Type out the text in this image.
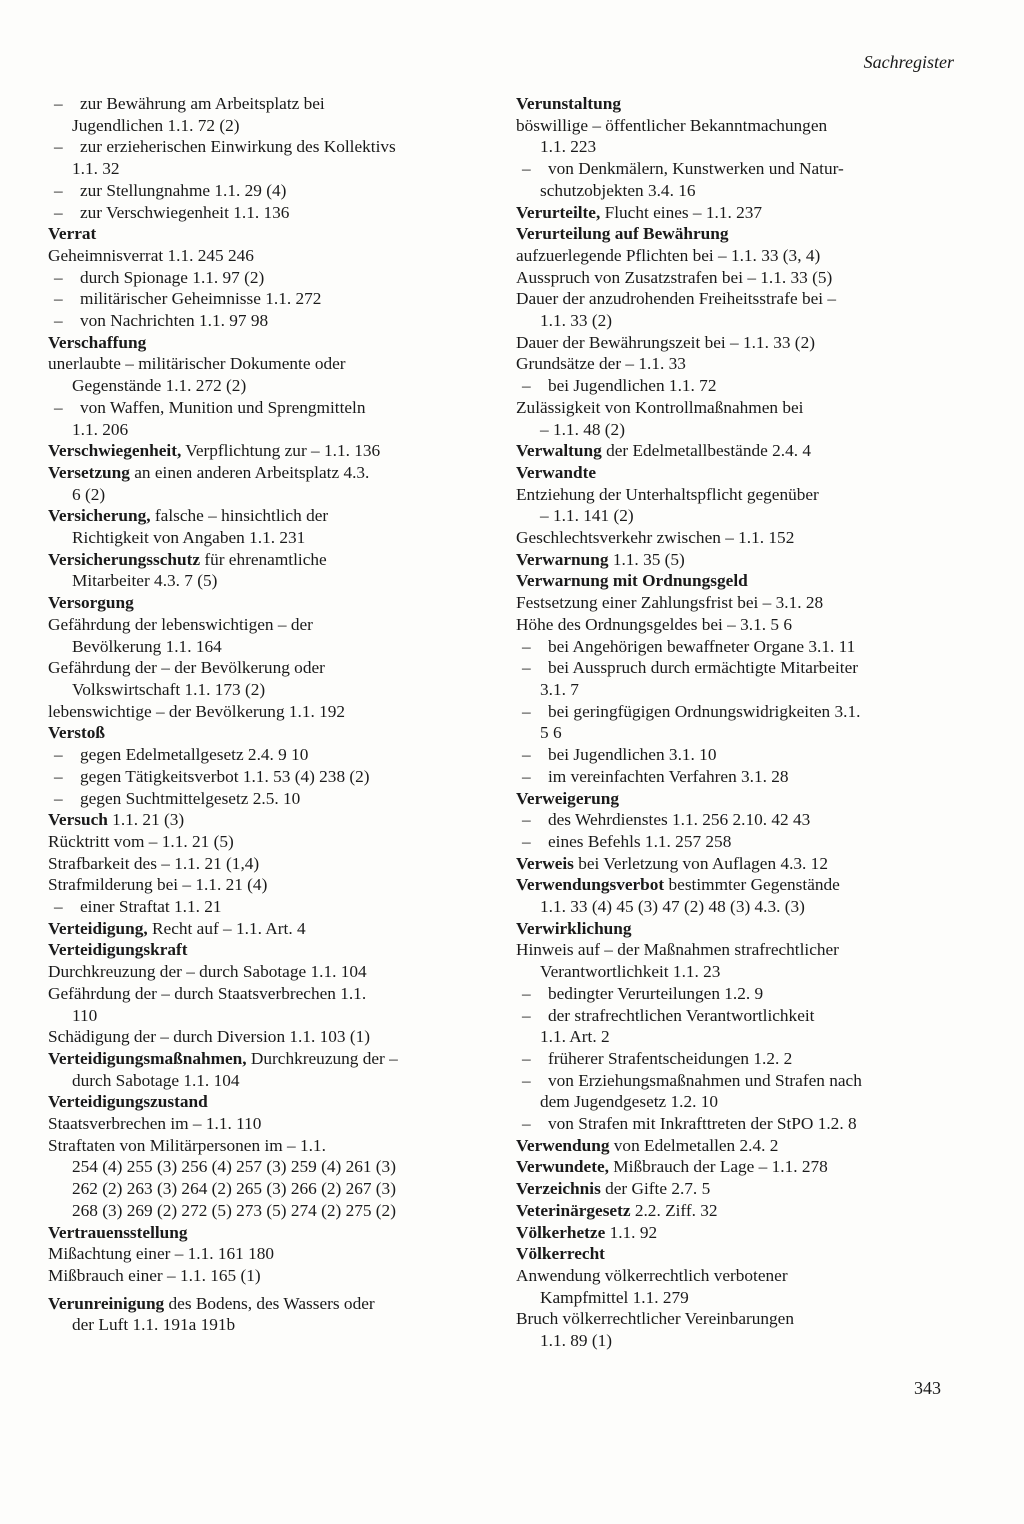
Sachregister
– zur Bewährung am Arbeitsplatz bei
Jugendlichen 1.1. 72 (2)
– zur erzieherischen Einwirkung des Kollektivs
1.1. 32
– zur Stellungnahme 1.1. 29 (4)
– zur Verschwiegenheit 1.1. 136
Verrat
Geheimnisverrat 1.1. 245 246
– durch Spionage 1.1. 97 (2)
– militärischer Geheimnisse 1.1. 272
– von Nachrichten 1.1. 97 98
Verschaffung
unerlaubte – militärischer Dokumente oder
Gegenstände 1.1. 272 (2)
– von Waffen, Munition und Sprengmitteln
1.1. 206
Verschwiegenheit, Verpflichtung zur – 1.1. 136
Versetzung an einen anderen Arbeitsplatz 4.3.
6 (2)
Versicherung, falsche – hinsichtlich der
Richtigkeit von Angaben 1.1. 231
Versicherungsschutz für ehrenamtliche
Mitarbeiter 4.3. 7 (5)
Versorgung
Gefährdung der lebenswichtigen – der
Bevölkerung 1.1. 164
Gefährdung der – der Bevölkerung oder
Volkswirtschaft 1.1. 173 (2)
lebenswichtige – der Bevölkerung 1.1. 192
Verstoß
– gegen Edelmetallgesetz 2.4. 9 10
– gegen Tätigkeitsverbot 1.1. 53 (4) 238 (2)
– gegen Suchtmittelgesetz 2.5. 10
Versuch 1.1. 21 (3)
Rücktritt vom – 1.1. 21 (5)
Strafbarkeit des – 1.1. 21 (1,4)
Strafmilderung bei – 1.1. 21 (4)
– einer Straftat 1.1. 21
Verteidigung, Recht auf – 1.1. Art. 4
Verteidigungskraft
Durchkreuzung der – durch Sabotage 1.1. 104
Gefährdung der – durch Staatsverbrechen 1.1.
110
Schädigung der – durch Diversion 1.1. 103 (1)
Verteidigungsmaßnahmen, Durchkreuzung der –
durch Sabotage 1.1. 104
Verteidigungszustand
Staatsverbrechen im – 1.1. 110
Straftaten von Militärpersonen im – 1.1.
254 (4) 255 (3) 256 (4) 257 (3) 259 (4) 261 (3)
262 (2) 263 (3) 264 (2) 265 (3) 266 (2) 267 (3)
268 (3) 269 (2) 272 (5) 273 (5) 274 (2) 275 (2)
Vertrauensstellung
Mißachtung einer – 1.1. 161 180
Mißbrauch einer – 1.1. 165 (1)
Verunreinigung des Bodens, des Wassers oder
der Luft 1.1. 191a 191b
Verunstaltung
böswillige – öffentlicher Bekanntmachungen
1.1. 223
– von Denkmälern, Kunstwerken und Natur-
schutzobjekten 3.4. 16
Verurteilte, Flucht eines – 1.1. 237
Verurteilung auf Bewährung
aufzuerlegende Pflichten bei – 1.1. 33 (3, 4)
Ausspruch von Zusatzstrafen bei – 1.1. 33 (5)
Dauer der anzudrohenden Freiheitsstrafe bei –
1.1. 33 (2)
Dauer der Bewährungszeit bei – 1.1. 33 (2)
Grundsätze der – 1.1. 33
– bei Jugendlichen 1.1. 72
Zulässigkeit von Kontrollmaßnahmen bei
– 1.1. 48 (2)
Verwaltung der Edelmetallbestände 2.4. 4
Verwandte
Entziehung der Unterhaltspflicht gegenüber
– 1.1. 141 (2)
Geschlechtsverkehr zwischen – 1.1. 152
Verwarnung 1.1. 35 (5)
Verwarnung mit Ordnungsgeld
Festsetzung einer Zahlungsfrist bei – 3.1. 28
Höhe des Ordnungsgeldes bei – 3.1. 5 6
– bei Angehörigen bewaffneter Organe 3.1. 11
– bei Ausspruch durch ermächtigte Mitarbeiter
3.1. 7
– bei geringfügigen Ordnungswidrigkeiten 3.1.
5 6
– bei Jugendlichen 3.1. 10
– im vereinfachten Verfahren 3.1. 28
Verweigerung
– des Wehrdienstes 1.1. 256 2.10. 42 43
– eines Befehls 1.1. 257 258
Verweis bei Verletzung von Auflagen 4.3. 12
Verwendungsverbot bestimmter Gegenstände
1.1. 33 (4) 45 (3) 47 (2) 48 (3) 4.3. (3)
Verwirklichung
Hinweis auf – der Maßnahmen strafrechtlicher
Verantwortlichkeit 1.1. 23
– bedingter Verurteilungen 1.2. 9
– der strafrechtlichen Verantwortlichkeit
1.1. Art. 2
– früherer Strafentscheidungen 1.2. 2
– von Erziehungsmaßnahmen und Strafen nach
dem Jugendgesetz 1.2. 10
– von Strafen mit Inkrafttreten der StPO 1.2. 8
Verwendung von Edelmetallen 2.4. 2
Verwundete, Mißbrauch der Lage – 1.1. 278
Verzeichnis der Gifte 2.7. 5
Veterinärgesetz 2.2. Ziff. 32
Völkerhetze 1.1. 92
Völkerrecht
Anwendung völkerrechtlich verbotener
Kampfmittel 1.1. 279
Bruch völkerrechtlicher Vereinbarungen
1.1. 89 (1)
343
